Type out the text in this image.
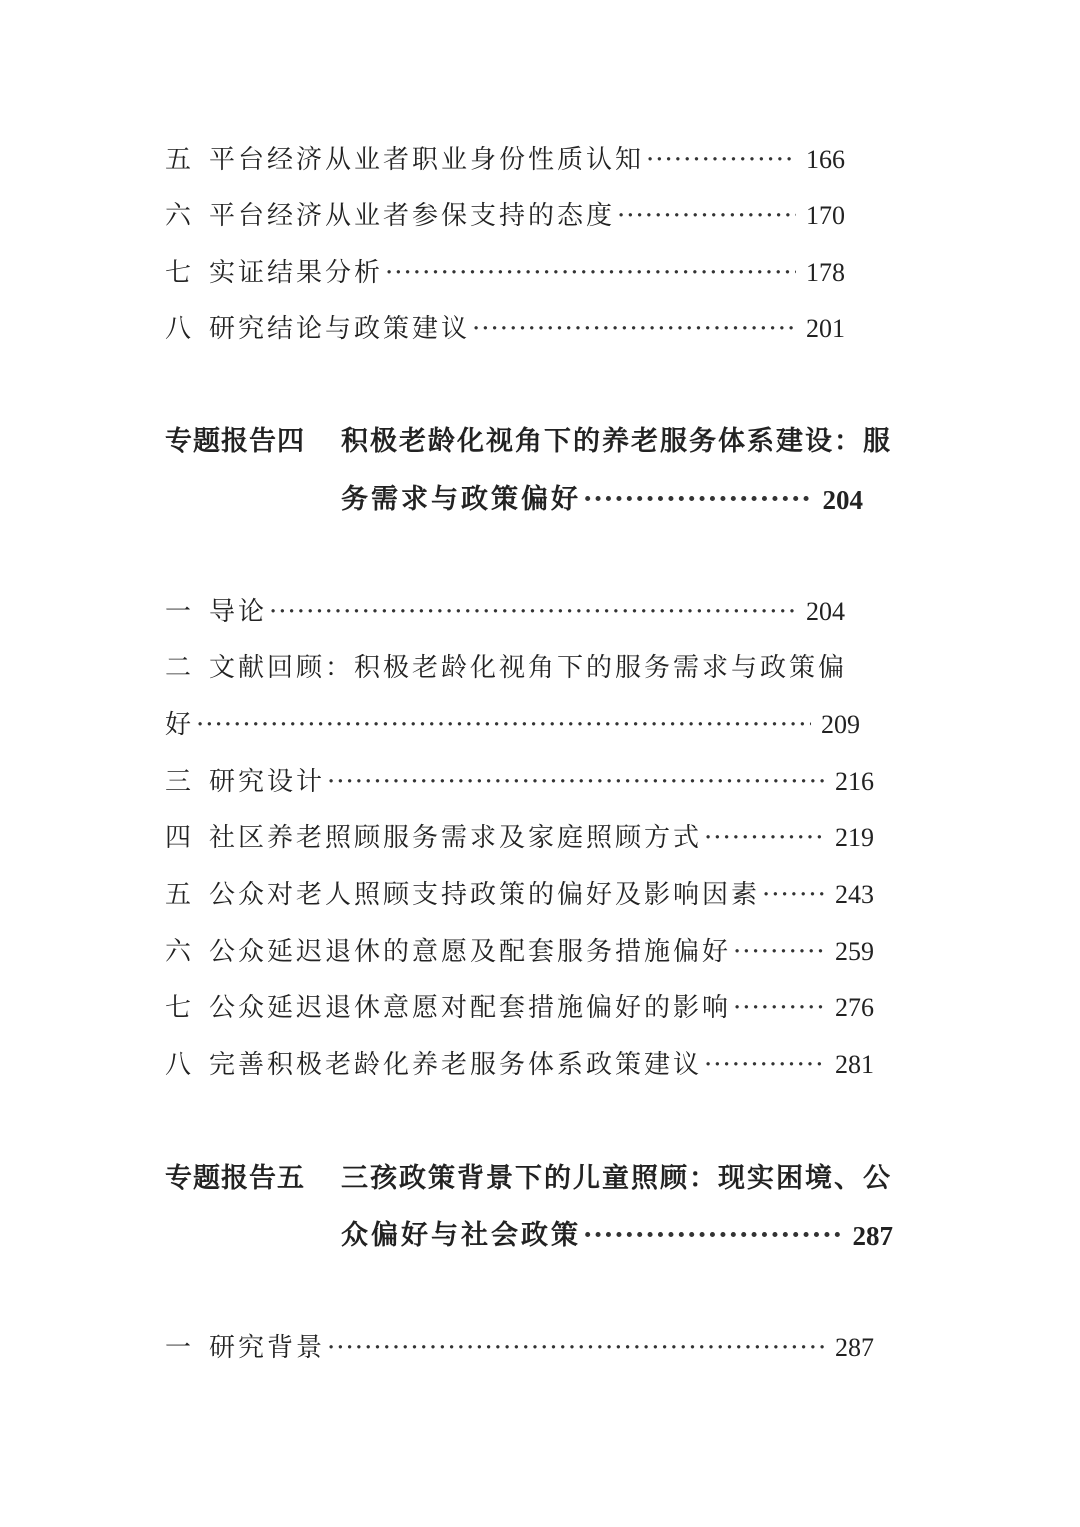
五 平台经济从业者职业身份性质认知 ·····	166
六 平台经济从业者参保支持的态度 ·····	170
七 实证结果分析 ·····	178
八 研究结论与政策建议 ·····	201
专题报告四 积极老龄化视角下的养老服务体系建设：服
务需求与政策偏好 ·····	204
一 导论 ·····	204
二 文献回顾：积极老龄化视角下的服务需求与政策偏
好 ·····	209
三 研究设计 ·····	216
四 社区养老照顾服务需求及家庭照顾方式 ·····	219
五 公众对老人照顾支持政策的偏好及影响因素 ·····	243
六 公众延迟退休的意愿及配套服务措施偏好 ·····	259
七 公众延迟退休意愿对配套措施偏好的影响 ·····	276
八 完善积极老龄化养老服务体系政策建议 ·····	281
专题报告五 三孩政策背景下的儿童照顾：现实困境、公
众偏好与社会政策 ·····	287
一 研究背景 ·····	287
